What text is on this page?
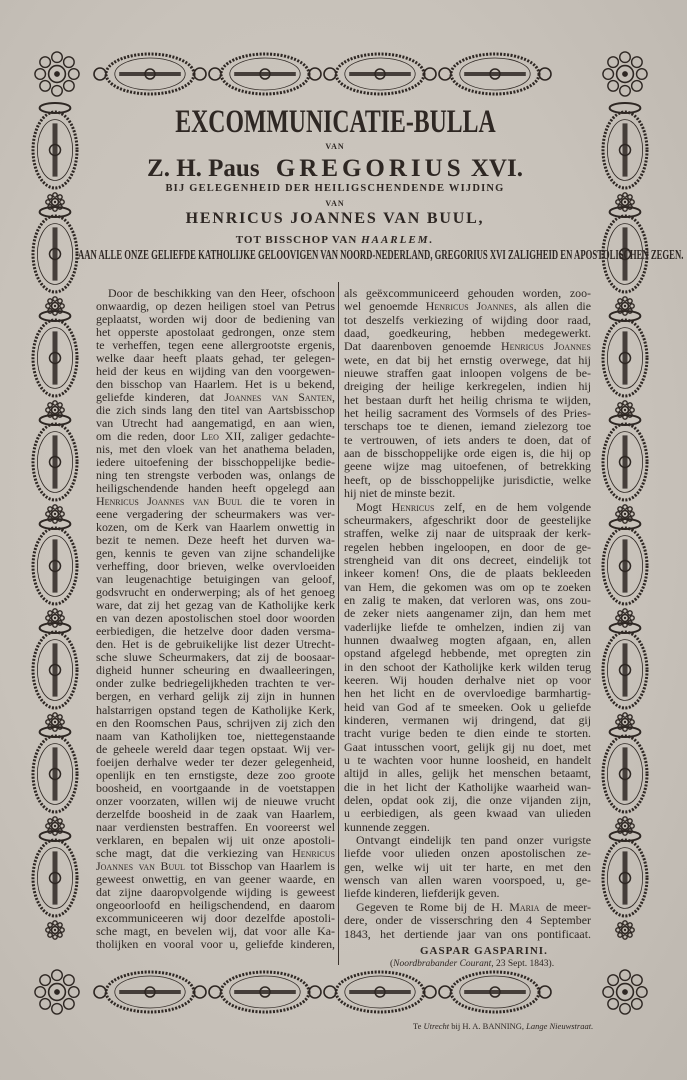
EXCOMMUNICATIE-BULLA
VAN
Z. H. Paus GREGORIUS XVI.
BIJ GELEGENHEID DER HEILIGSCHENDENDE WIJDING
VAN
HENRICUS JOANNES VAN BUUL,
TOT BISSCHOP VAN HAARLEM.
AAN ALLE ONZE GELIEFDE KATHOLIJKE GELOOVIGEN VAN NOORD-NEDERLAND, GREGORIUS XVI ZALIGHEID EN APOSTOLISCHEN ZEGEN.
Door de beschikking van den Heer, ofschoon
onwaardig, op dezen heiligen stoel van Petrus
geplaatst, worden wij door de bediening van
het opperste apostolaat gedrongen, onze stem
te verheffen, tegen eene allergrootste ergenis,
welke daar heeft plaats gehad, ter gelegen-
heid der keus en wijding van den voorgewen-
den bisschop van Haarlem. Het is u bekend,
geliefde kinderen, dat Joannes van Santen,
die zich sinds lang den titel van Aartsbisschop
van Utrecht had aangematigd, en aan wien,
om die reden, door Leo XII, zaliger gedachte-
nis, met den vloek van het anathema beladen,
iedere uitoefening der bisschoppelijke bedie-
ning ten strengste verboden was, onlangs de
heiligschendende handen heeft opgelegd aan
Henricus Joannes van Buul die te voren in
eene vergadering der scheurmakers was ver-
kozen, om de Kerk van Haarlem onwettig in
bezit te nemen. Deze heeft het durven wa-
gen, kennis te geven van zijne schandelijke
verheffing, door brieven, welke overvloeiden
van leugenachtige betuigingen van geloof,
godsvrucht en onderwerping; als of het genoeg
ware, dat zij het gezag van de Katholijke kerk
en van dezen apostolischen stoel door woorden
eerbiedigen, die hetzelve door daden versma-
den. Het is de gebruikelijke list dezer Utrecht-
sche sluwe Scheurmakers, dat zij de boosaar-
digheid hunner scheuring en dwaalleeringen,
onder zulke bedriegelijkheden trachten te ver-
bergen, en verhard gelijk zij zijn in hunnen
halstarrigen opstand tegen de Katholijke Kerk,
en den Roomschen Paus, schrijven zij zich den
naam van Katholijken toe, niettegenstaande
de geheele wereld daar tegen opstaat. Wij ver-
foeijen derhalve weder ter dezer gelegenheid,
openlijk en ten ernstigste, deze zoo groote
boosheid, en voortgaande in de voetstappen
onzer voorzaten, willen wij de nieuwe vrucht
derzelfde boosheid in de zaak van Haarlem,
naar verdiensten bestraffen. En vooreerst wel
verklaren, en bepalen wij uit onze apostoli-
sche magt, dat die verkiezing van Henricus
Joannes van Buul tot Bisschop van Haarlem is
geweest onwettig, en van geener waarde, en
dat zijne daaropvolgende wijding is geweest
ongeoorloofd en heiligschendend, en daarom
excommuniceeren wij door dezelfde apostoli-
sche magt, en bevelen wij, dat voor alle Ka-
tholijken en vooral voor u, geliefde kinderen,
als geëxcommuniceerd gehouden worden, zoo-
wel genoemde Henricus Joannes, als allen die
tot deszelfs verkiezing of wijding door raad,
daad, goedkeuring, hebben medegewerkt.
Dat daarenboven genoemde Henricus Joannes
wete, en dat bij het ernstig overwege, dat hij
nieuwe straffen gaat inloopen volgens de be-
dreiging der heilige kerkregelen, indien hij
het bestaan durft het heilig chrisma te wijden,
het heilig sacrament des Vormsels of des Pries-
terschaps toe te dienen, iemand zielezorg toe
te vertrouwen, of iets anders te doen, dat of
aan de bisschoppelijke orde eigen is, die hij op
geene wijze mag uitoefenen, of betrekking
heeft, op de bisschoppelijke jurisdictie, welke
hij niet de minste bezit.
Mogt Henricus zelf, en de hem volgende
scheurmakers, afgeschrikt door de geestelijke
straffen, welke zij naar de uitspraak der kerk-
regelen hebben ingeloopen, en door de ge-
strengheid van dit ons decreet, eindelijk tot
inkeer komen! Ons, die de plaats bekleeden
van Hem, die gekomen was om op te zoeken
en zalig te maken, dat verloren was, ons zou-
de zeker niets aangenamer zijn, dan hem met
vaderlijke liefde te omhelzen, indien zij van
hunnen dwaalweg mogten afgaan, en, allen
opstand afgelegd hebbende, met opregten zin
in den schoot der Katholijke kerk wilden terug
keeren. Wij houden derhalve niet op voor
hen het licht en de overvloedige barmhartig-
heid van God af te smeeken. Ook u geliefde
kinderen, vermanen wij dringend, dat gij
tracht vurige beden te dien einde te storten.
Gaat intusschen voort, gelijk gij nu doet, met
u te wachten voor hunne loosheid, en handelt
altijd in alles, gelijk het menschen betaamt,
die in het licht der Katholijke waarheid wan-
delen, opdat ook zij, die onze vijanden zijn,
u eerbiedigen, als geen kwaad van ulieden
kunnende zeggen.
Ontvangt eindelijk ten pand onzer vurigste
liefde voor ulieden onzen apostolischen ze-
gen, welke wij uit ter harte, en met den
wensch van allen waren voorspoed, u, ge-
liefde kinderen, liefderijk geven.
Gegeven te Rome bij de H. Maria de meer-
dere, onder de visserschring den 4 September
1843, het dertiende jaar van ons pontificaat.
GASPAR GASPARINI.
(Noordbrabander Courant, 23 Sept. 1843).
Te Utrecht bij H. A. BANNING, Lange Nieuwstraat.
